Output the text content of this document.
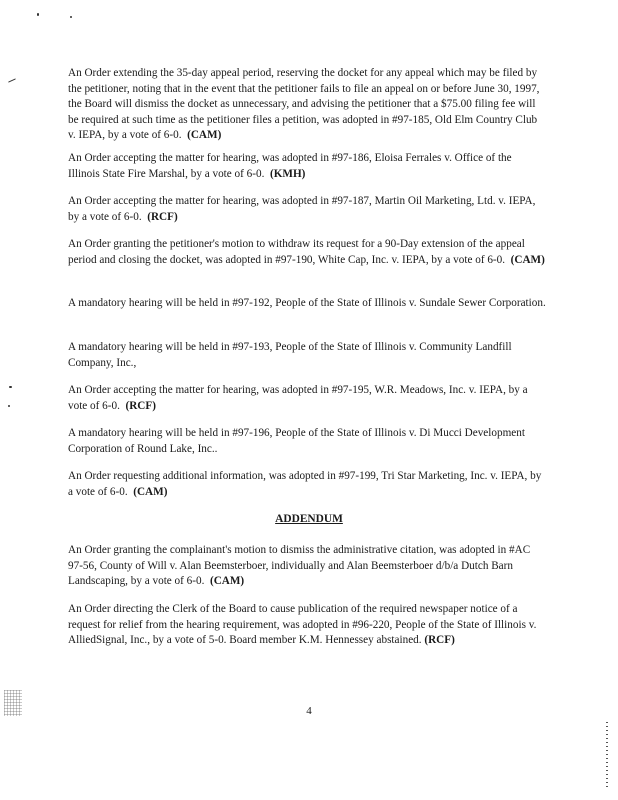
An Order extending the 35-day appeal period, reserving the docket for any appeal which may be filed by the petitioner, noting that in the event that the petitioner fails to file an appeal on or before June 30, 1997, the Board will dismiss the docket as unnecessary, and advising the petitioner that a $75.00 filing fee will be required at such time as the petitioner files a petition, was adopted in #97-185, Old Elm Country Club v. IEPA, by a vote of 6-0. (CAM)

An Order accepting the matter for hearing, was adopted in #97-186, Eloisa Ferrales v. Office of the Illinois State Fire Marshal, by a vote of 6-0. (KMH)

An Order accepting the matter for hearing, was adopted in #97-187, Martin Oil Marketing, Ltd. v. IEPA, by a vote of 6-0. (RCF)

An Order granting the petitioner's motion to withdraw its request for a 90-Day extension of the appeal period and closing the docket, was adopted in #97-190, White Cap, Inc. v. IEPA, by a vote of 6-0. (CAM)

A mandatory hearing will be held in #97-192, People of the State of Illinois v. Sundale Sewer Corporation.

A mandatory hearing will be held in #97-193, People of the State of Illinois v. Community Landfill Company, Inc.,

An Order accepting the matter for hearing, was adopted in #97-195, W.R. Meadows, Inc. v. IEPA, by a vote of 6-0. (RCF)

A mandatory hearing will be held in #97-196, People of the State of Illinois v. Di Mucci Development Corporation of Round Lake, Inc..

An Order requesting additional information, was adopted in #97-199, Tri Star Marketing, Inc. v. IEPA, by a vote of 6-0. (CAM)

ADDENDUM

An Order granting the complainant's motion to dismiss the administrative citation, was adopted in #AC 97-56, County of Will v. Alan Beemsterboer, individually and Alan Beemsterboer d/b/a Dutch Barn Landscaping, by a vote of 6-0. (CAM)

An Order directing the Clerk of the Board to cause publication of the required newspaper notice of a request for relief from the hearing requirement, was adopted in #96-220, People of the State of Illinois v. AlliedSignal, Inc., by a vote of 5-0. Board member K.M. Hennessey abstained. (RCF)

4
